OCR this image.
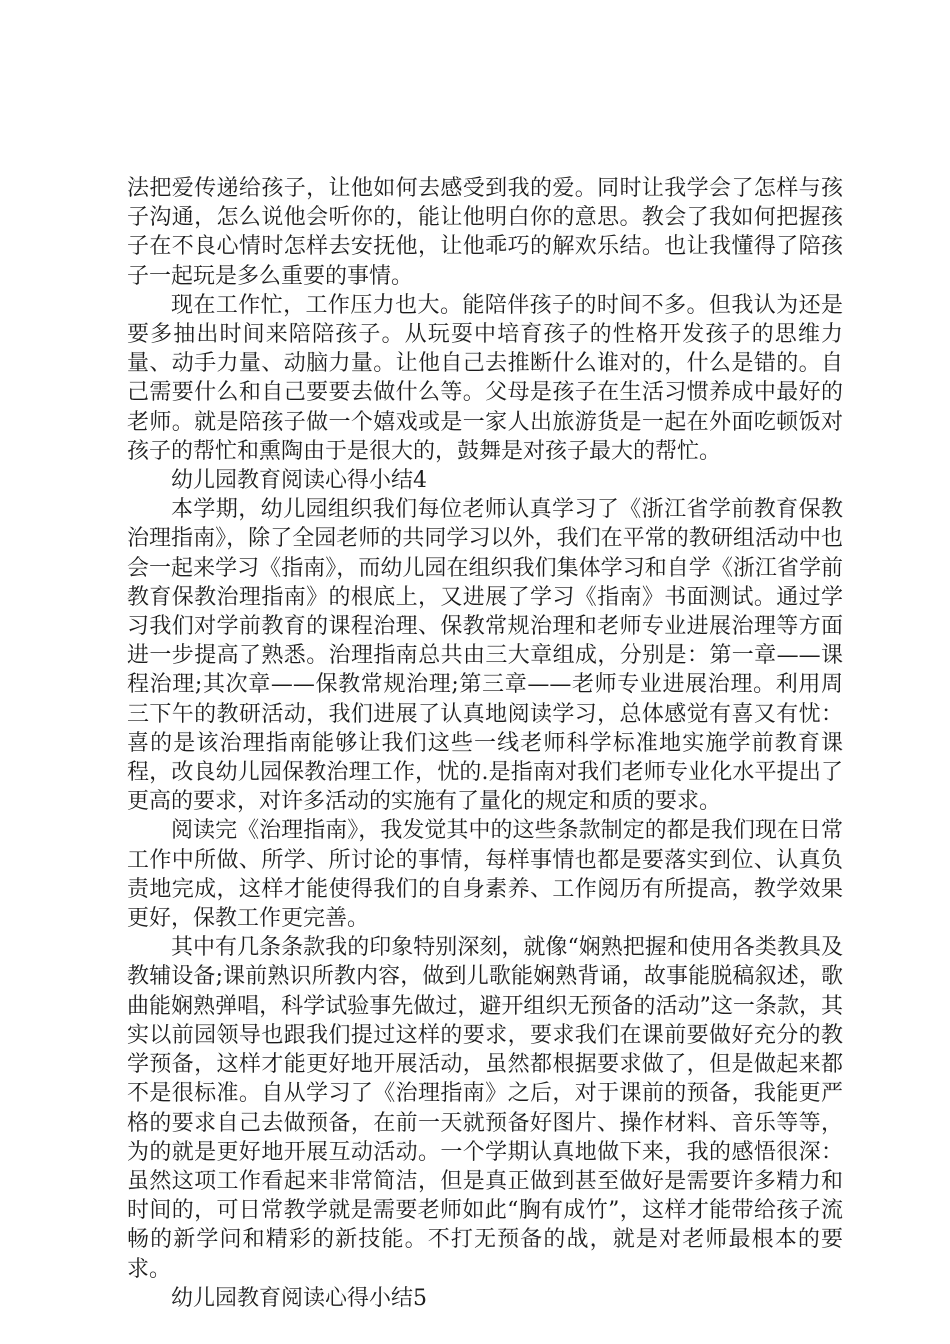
法把爱传递给孩子，让他如何去感受到我的爱。同时让我学会了怎样与孩子沟通，怎么说他会听你的，能让他明白你的意思。教会了我如何把握孩子在不良心情时怎样去安抚他，让他乖巧的解欢乐结。也让我懂得了陪孩子一起玩是多么重要的事情。

现在工作忙，工作压力也大。能陪伴孩子的时间不多。但我认为还是要多抽出时间来陪陪孩子。从玩耍中培育孩子的性格开发孩子的思维力量、动手力量、动脑力量。让他自己去推断什么谁对的，什么是错的。自己需要什么和自己要要去做什么等。父母是孩子在生活习惯养成中最好的老师。就是陪孩子做一个嬉戏或是一家人出旅游货是一起在外面吃顿饭对孩子的帮忙和熏陶由于是很大的，鼓舞是对孩子最大的帮忙。

幼儿园教育阅读心得小结4

本学期，幼儿园组织我们每位老师认真学习了《浙江省学前教育保教治理指南》，除了全园老师的共同学习以外，我们在平常的教研组活动中也会一起来学习《指南》，而幼儿园在组织我们集体学习和自学《浙江省学前教育保教治理指南》的根底上，又进展了学习《指南》书面测试。通过学习我们对学前教育的课程治理、保教常规治理和老师专业进展治理等方面进一步提高了熟悉。治理指南总共由三大章组成，分别是：第一章——课程治理;其次章——保教常规治理;第三章——老师专业进展治理。利用周三下午的教研活动，我们进展了认真地阅读学习，总体感觉有喜又有忧：喜的是该治理指南能够让我们这些一线老师科学标准地实施学前教育课程，改良幼儿园保教治理工作，忧的.是指南对我们老师专业化水平提出了更高的要求，对许多活动的实施有了量化的规定和质的要求。

阅读完《治理指南》，我发觉其中的这些条款制定的都是我们现在日常工作中所做、所学、所讨论的事情，每样事情也都是要落实到位、认真负责地完成，这样才能使得我们的自身素养、工作阅历有所提高，教学效果更好，保教工作更完善。

其中有几条条款我的印象特别深刻，就像“娴熟把握和使用各类教具及教辅设备;课前熟识所教内容，做到儿歌能娴熟背诵，故事能脱稿叙述，歌曲能娴熟弹唱，科学试验事先做过，避开组织无预备的活动”这一条款，其实以前园领导也跟我们提过这样的要求，要求我们在课前要做好充分的教学预备，这样才能更好地开展活动，虽然都根据要求做了，但是做起来都不是很标准。自从学习了《治理指南》之后，对于课前的预备，我能更严格的要求自己去做预备，在前一天就预备好图片、操作材料、音乐等等，为的就是更好地开展互动活动。一个学期认真地做下来，我的感悟很深：虽然这项工作看起来非常简洁，但是真正做到甚至做好是需要许多精力和时间的，可日常教学就是需要老师如此“胸有成竹”，这样才能带给孩子流畅的新学问和精彩的新技能。不打无预备的战，就是对老师最根本的要求。

幼儿园教育阅读心得小结5
